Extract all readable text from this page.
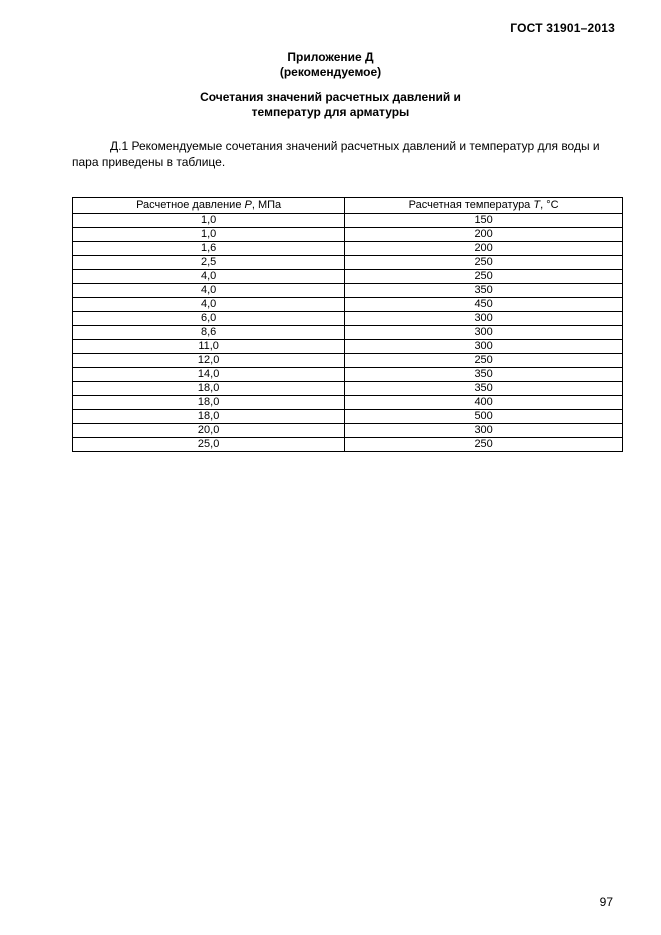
ГОСТ 31901–2013
Приложение Д
(рекомендуемое)
Сочетания значений расчетных давлений и
температур для арматуры
Д.1 Рекомендуемые сочетания значений расчетных давлений и температур для воды и пара приведены в таблице.
Расчетное давление Р, МПа	Расчетная температура Т, °С
1,0	150
1,0	200
1,6	200
2,5	250
4,0	250
4,0	350
4,0	450
6,0	300
8,6	300
11,0	300
12,0	250
14,0	350
18,0	350
18,0	400
18,0	500
20,0	300
25,0	250
97
